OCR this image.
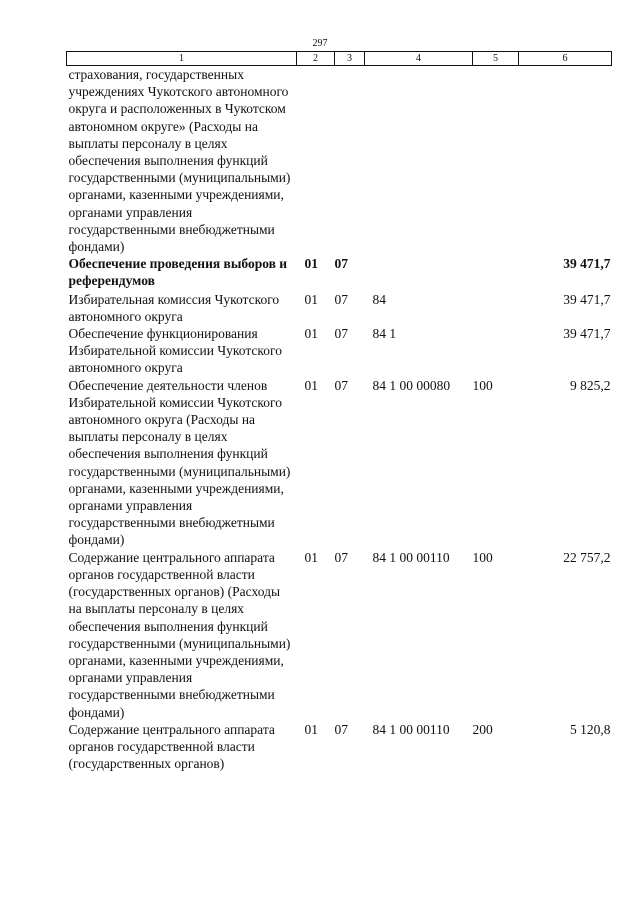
297
1	2	3	4	5	6
страхования, государственных учреждениях Чукотского автономного округа и расположенных в Чукотском автономном округе» (Расходы на выплаты персоналу в целях обеспечения выполнения функций государственными (муниципальными) органами, казенными учреждениями, органами управления государственными внебюджетными фондами)					
Обеспечение проведения выборов и референдумов	01	07			39 471,7
Избирательная комиссия Чукотского автономного округа	01	07	84		39 471,7
Обеспечение функционирования Избирательной комиссии Чукотского автономного округа	01	07	84 1		39 471,7
Обеспечение деятельности членов Избирательной комиссии Чукотского автономного округа (Расходы на выплаты персоналу в целях обеспечения выполнения функций государственными (муниципальными) органами, казенными учреждениями, органами управления государственными внебюджетными фондами)	01	07	84 1 00 00080	100	9 825,2
Содержание центрального аппарата органов государственной власти (государственных органов) (Расходы на выплаты персоналу в целях обеспечения выполнения функций государственными (муниципальными) органами, казенными учреждениями, органами управления государственными внебюджетными фондами)	01	07	84 1 00 00110	100	22 757,2
Содержание центрального аппарата органов государственной власти (государственных органов)	01	07	84 1 00 00110	200	5 120,8
